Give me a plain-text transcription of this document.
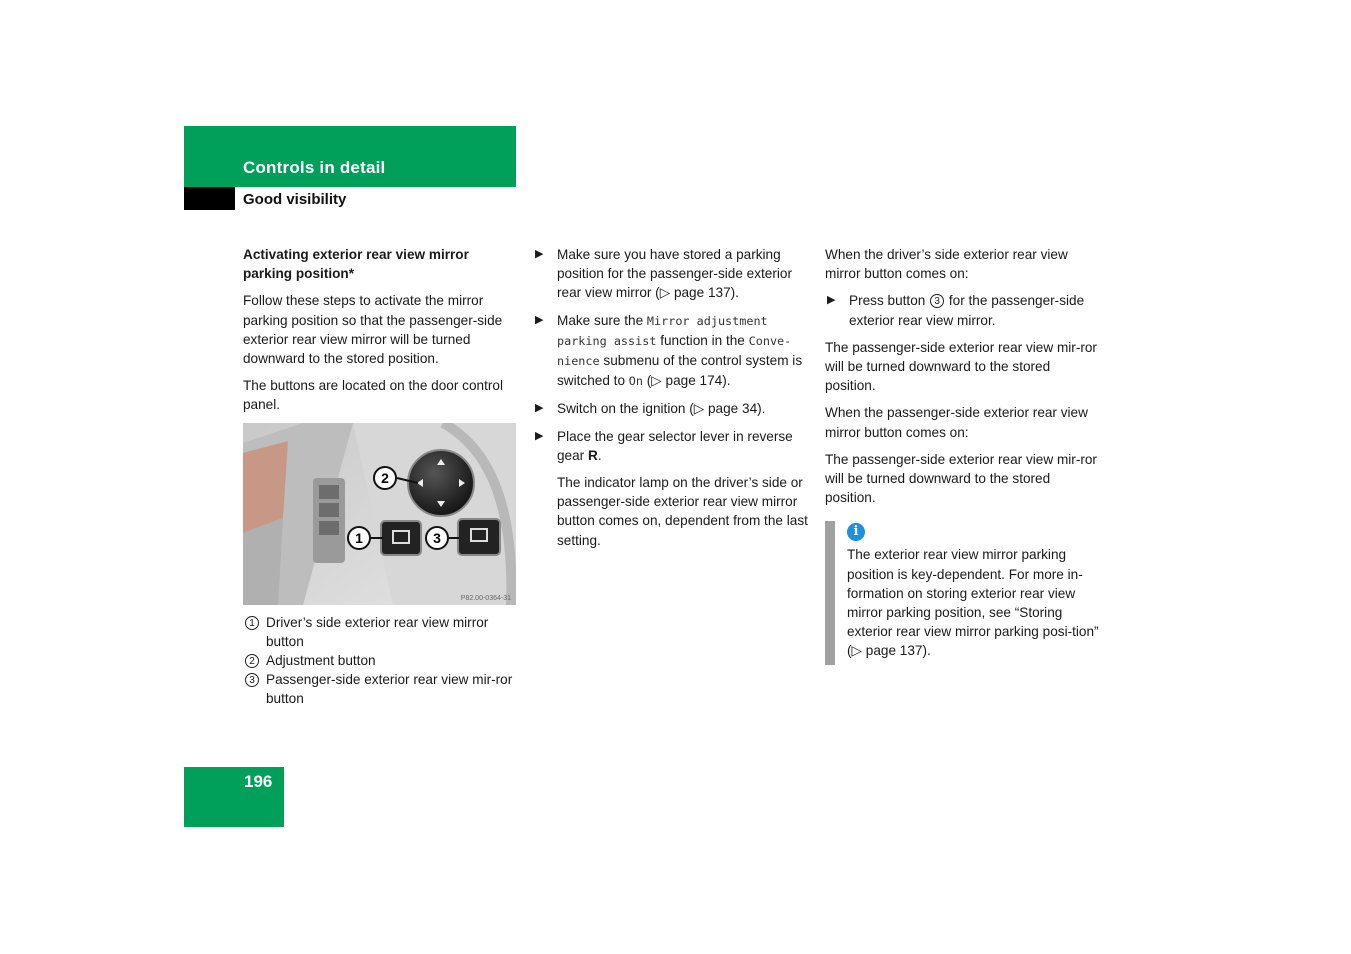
Controls in detail
Good visibility

Activating exterior rear view mirror parking position*

Follow these steps to activate the mirror parking position so that the passenger-side exterior rear view mirror will be turned downward to the stored position.

The buttons are located on the door control panel.

2
1	3
P82.00-0364-31
1 Driver’s side exterior rear view mirror button
2 Adjustment button
3 Passenger-side exterior rear view mir-ror button
▶ Make sure you have stored a parking position for the passenger-side exterior rear view mirror (▷ page 137).
▶ Make sure the Mirror adjustment parking assist function in the Conve-nience submenu of the control system is switched to On (▷ page 174).
▶ Switch on the ignition (▷ page 34).
▶ Place the gear selector lever in reverse gear R.

The indicator lamp on the driver’s side or passenger-side exterior rear view mirror button comes on, dependent from the last setting.

When the driver’s side exterior rear view mirror button comes on:

▶ Press button 3 for the passenger-side exterior rear view mirror.

The passenger-side exterior rear view mir-ror will be turned downward to the stored position.

When the passenger-side exterior rear view mirror button comes on:

The passenger-side exterior rear view mir-ror will be turned downward to the stored position.

i
The exterior rear view mirror parking position is key-dependent. For more in-formation on storing exterior rear view mirror parking position, see “Storing exterior rear view mirror parking posi-tion” (▷ page 137).
196
